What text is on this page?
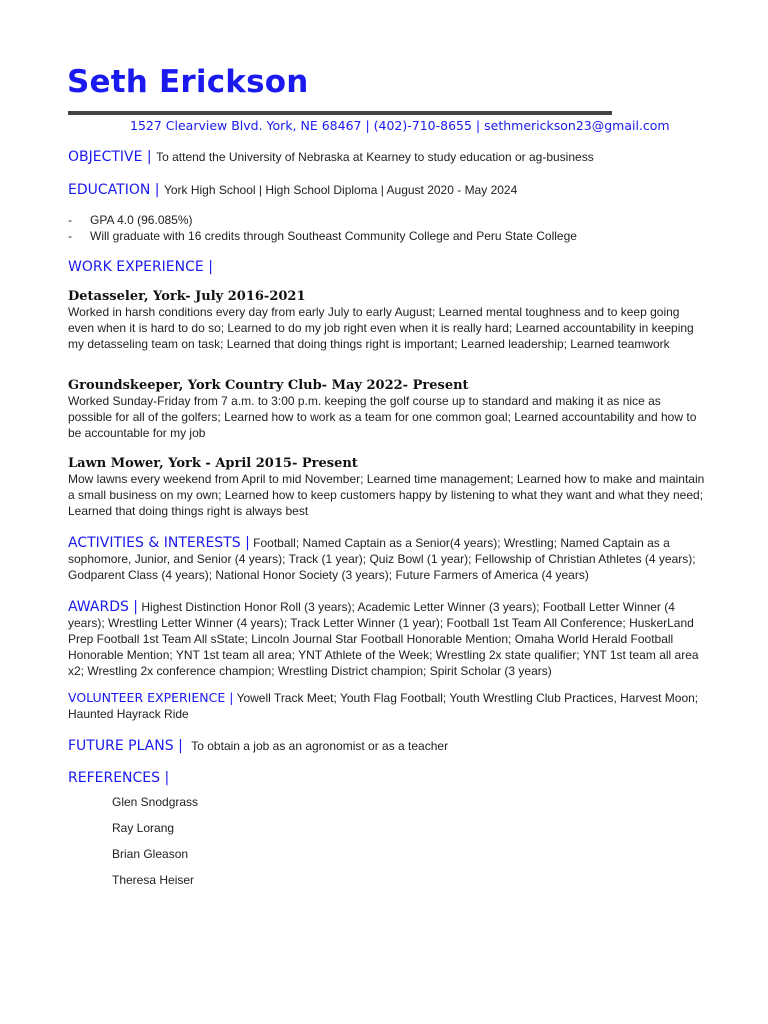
Seth Erickson
1527 Clearview Blvd. York, NE 68467 | (402)-710-8655 | sethmerickson23@gmail.com
OBJECTIVE | To attend the University of Nebraska at Kearney to study education or ag-business
EDUCATION | York High School | High School Diploma | August 2020 - May 2024
- GPA 4.0 (96.085%)
- Will graduate with 16 credits through Southeast Community College and Peru State College
WORK EXPERIENCE |
Detasseler, York- July 2016-2021
Worked in harsh conditions every day from early July to early August; Learned mental toughness and to keep going even when it is hard to do so; Learned to do my job right even when it is really hard; Learned accountability in keeping my detasseling team on task; Learned that doing things right is important; Learned leadership; Learned teamwork
Groundskeeper, York Country Club- May 2022- Present
Worked Sunday-Friday from 7 a.m. to 3:00 p.m. keeping the golf course up to standard and making it as nice as possible for all of the golfers; Learned how to work as a team for one common goal; Learned accountability and how to be accountable for my job
Lawn Mower, York - April 2015- Present
Mow lawns every weekend from April to mid November; Learned time management; Learned how to make and maintain a small business on my own; Learned how to keep customers happy by listening to what they want and what they need; Learned that doing things right is always best
ACTIVITIES & INTERESTS | Football; Named Captain as a Senior(4 years); Wrestling; Named Captain as a sophomore, Junior, and Senior (4 years); Track (1 year); Quiz Bowl (1 year); Fellowship of Christian Athletes (4 years); Godparent Class (4 years); National Honor Society (3 years); Future Farmers of America (4 years)
AWARDS | Highest Distinction Honor Roll (3 years); Academic Letter Winner (3 years); Football Letter Winner (4 years); Wrestling Letter Winner (4 years); Track Letter Winner (1 year); Football 1st Team All Conference; HuskerLand Prep Football 1st Team All sState; Lincoln Journal Star Football Honorable Mention; Omaha World Herald Football Honorable Mention; YNT 1st team all area; YNT Athlete of the Week; Wrestling 2x state qualifier; YNT 1st team all area x2; Wrestling 2x conference champion; Wrestling District champion; Spirit Scholar (3 years)
VOLUNTEER EXPERIENCE | Yowell Track Meet; Youth Flag Football; Youth Wrestling Club Practices, Harvest Moon; Haunted Hayrack Ride
FUTURE PLANS | To obtain a job as an agronomist or as a teacher
REFERENCES |
Glen Snodgrass
Ray Lorang
Brian Gleason
Theresa Heiser
